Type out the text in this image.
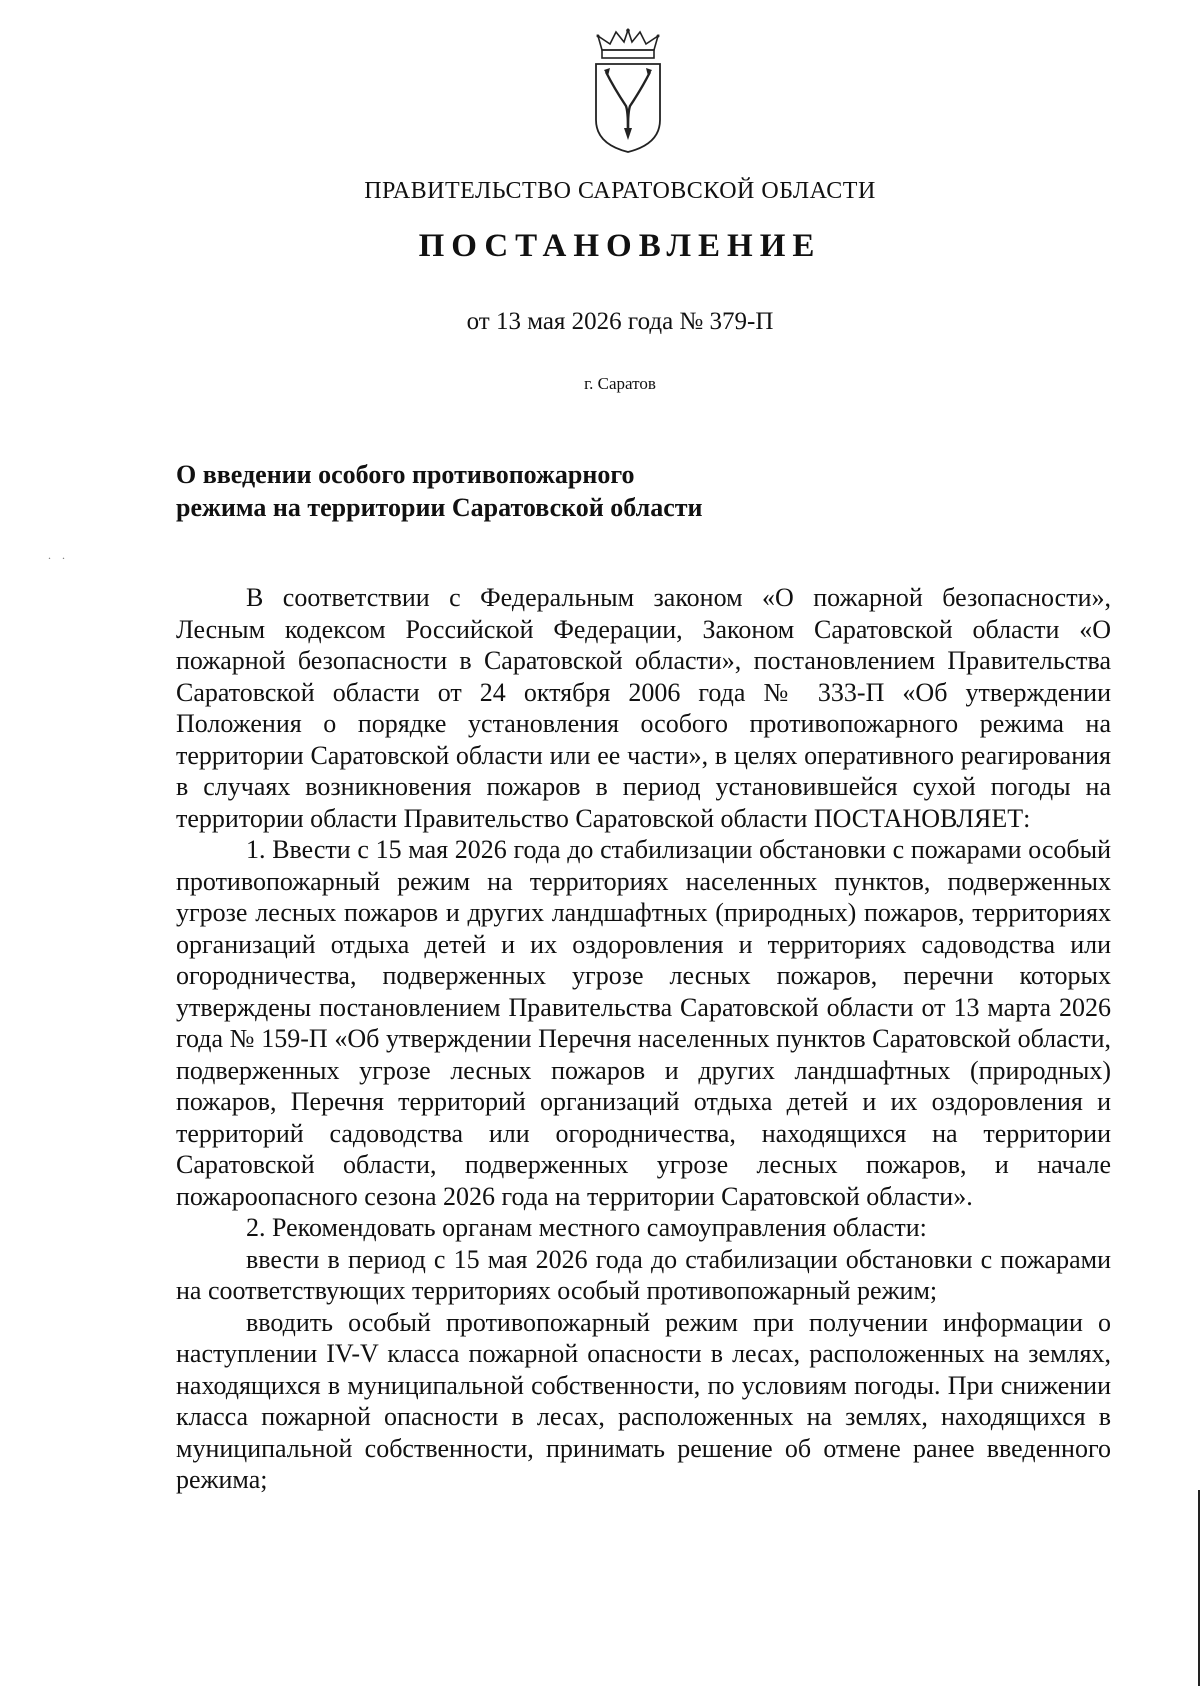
ПРАВИТЕЛЬСТВО САРАТОВСКОЙ ОБЛАСТИ
ПОСТАНОВЛЕНИЕ
от 13 мая 2026 года № 379-П
г. Саратов
О введении особого противопожарного
режима на территории Саратовской области
. .

В соответствии с Федеральным законом «О пожарной безопасности», Лесным кодексом Российской Федерации, Законом Саратовской области «О пожарной безопасности в Саратовской области», постановлением Правительства Саратовской области от 24 октября 2006 года № 333-П «Об утверждении Положения о порядке установления особого противопожарного режима на территории Саратовской области или ее части», в целях оперативного реагирования в случаях возникновения пожаров в период установившейся сухой погоды на территории области Правительство Саратовской области ПОСТАНОВЛЯЕТ:

1. Ввести с 15 мая 2026 года до стабилизации обстановки с пожарами особый противопожарный режим на территориях населенных пунктов, подверженных угрозе лесных пожаров и других ландшафтных (природных) пожаров, территориях организаций отдыха детей и их оздоровления и территориях садоводства или огородничества, подверженных угрозе лесных пожаров, перечни которых утверждены постановлением Правительства Саратовской области от 13 марта 2026 года № 159-П «Об утверждении Перечня населенных пунктов Саратовской области, подверженных угрозе лесных пожаров и других ландшафтных (природных) пожаров, Перечня территорий организаций отдыха детей и их оздоровления и территорий садоводства или огородничества, находящихся на территории Саратовской области, подверженных угрозе лесных пожаров, и начале пожароопасного сезона 2026 года на территории Саратовской области».

2. Рекомендовать органам местного самоуправления области:

ввести в период с 15 мая 2026 года до стабилизации обстановки с пожарами на соответствующих территориях особый противопожарный режим;

вводить особый противопожарный режим при получении информации о наступлении IV-V класса пожарной опасности в лесах, расположенных на землях, находящихся в муниципальной собственности, по условиям погоды. При снижении класса пожарной опасности в лесах, расположенных на землях, находящихся в муниципальной собственности, принимать решение об отмене ранее введенного режима;
